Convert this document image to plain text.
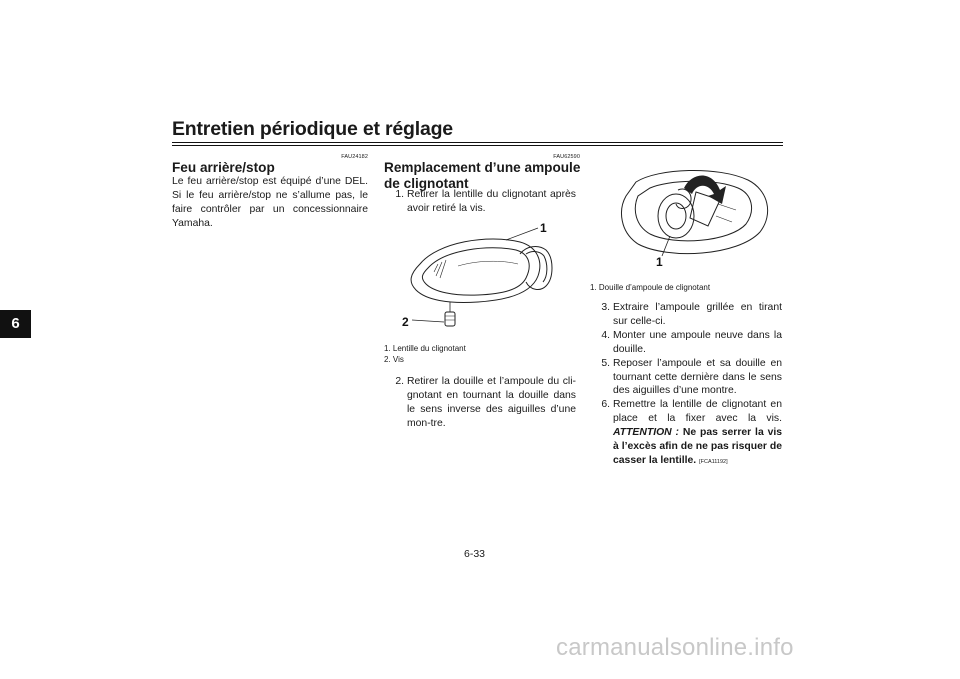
Entretien périodique et réglage
6
FAU24182
Feu arrière/stop
Le feu arrière/stop est équipé d’une DEL. Si le feu arrière/stop ne s’allume pas, le faire contrôler par un concessionnaire Yamaha.
FAU62590
Remplacement d’une ampoule
de clignotant
1. Retirer la lentille du clignotant après avoir retiré la vis.
1
2
1. Lentille du clignotant
2. Vis
2. Retirer la douille et l’ampoule du cli-gnotant en tournant la douille dans le sens inverse des aiguilles d’une mon-tre.
1
1. Douille d’ampoule de clignotant
3. Extraire l’ampoule grillée en tirant sur celle-ci.
4. Monter une ampoule neuve dans la douille.
5. Reposer l’ampoule et sa douille en tournant cette dernière dans le sens des aiguilles d’une montre.
6. Remettre la lentille de clignotant en place et la fixer avec la vis. ATTENTION : Ne pas serrer la vis à l’excès afin de ne pas risquer de casser la lentille. [FCA11192]
6-33
carmanualsonline.info
